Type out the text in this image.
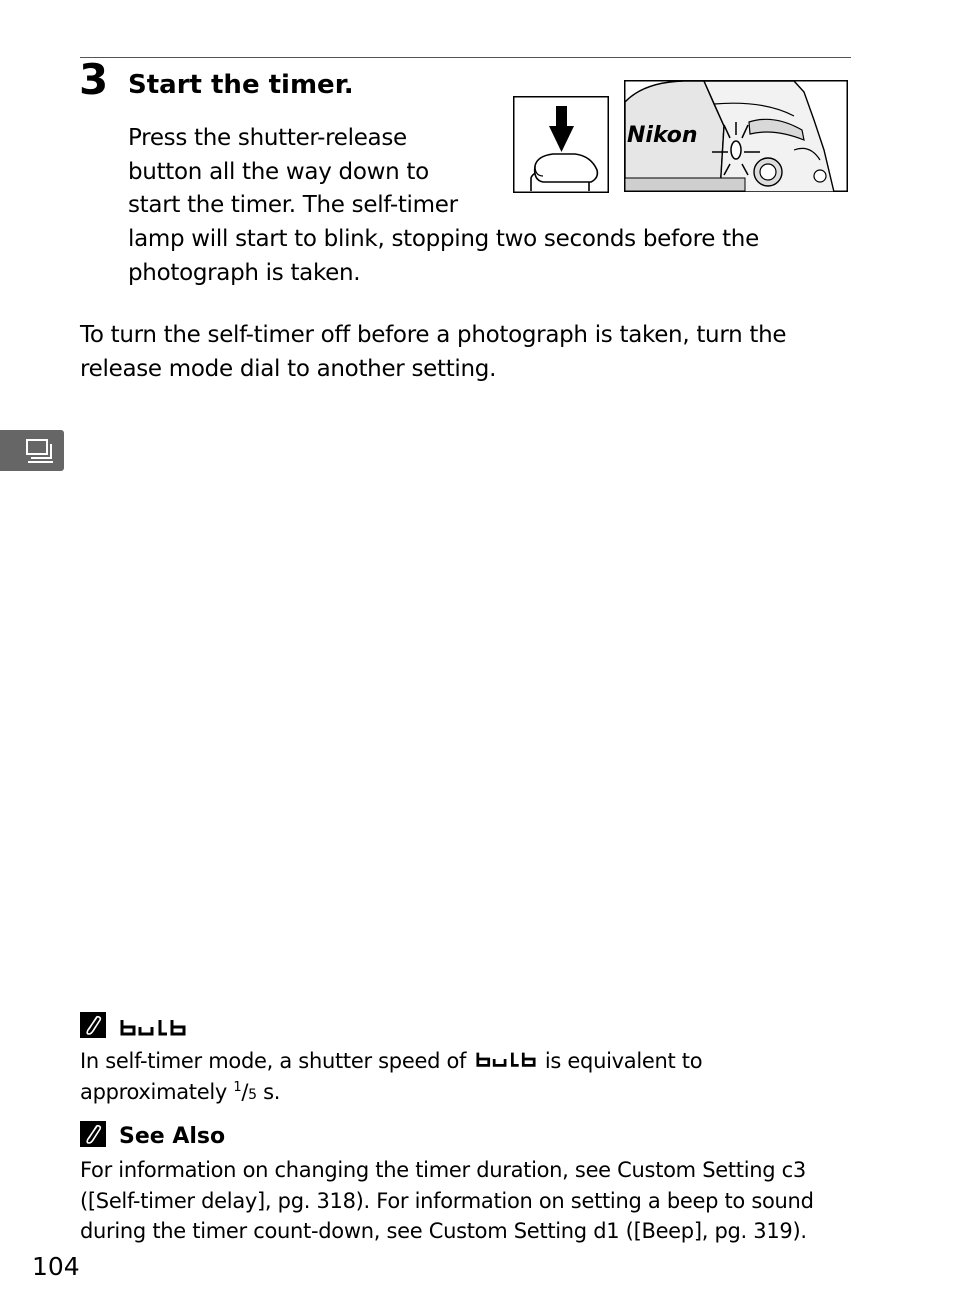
3 Start the timer.
Press the shutter-release
button all the way down to
start the timer. The self-timer
lamp will start to blink, stopping two seconds before the
photograph is taken.
Nikon
To turn the self-timer off before a photograph is taken, turn the
release mode dial to another setting.
In self-timer mode, a shutter speed of	is equivalent to
approximately $^1$/5 s.
See Also
For information on changing the timer duration, see Custom Setting c3
([Self-timer delay], pg. 318). For information on setting a beep to sound
during the timer count-down, see Custom Setting d1 ([Beep], pg. 319).
104
